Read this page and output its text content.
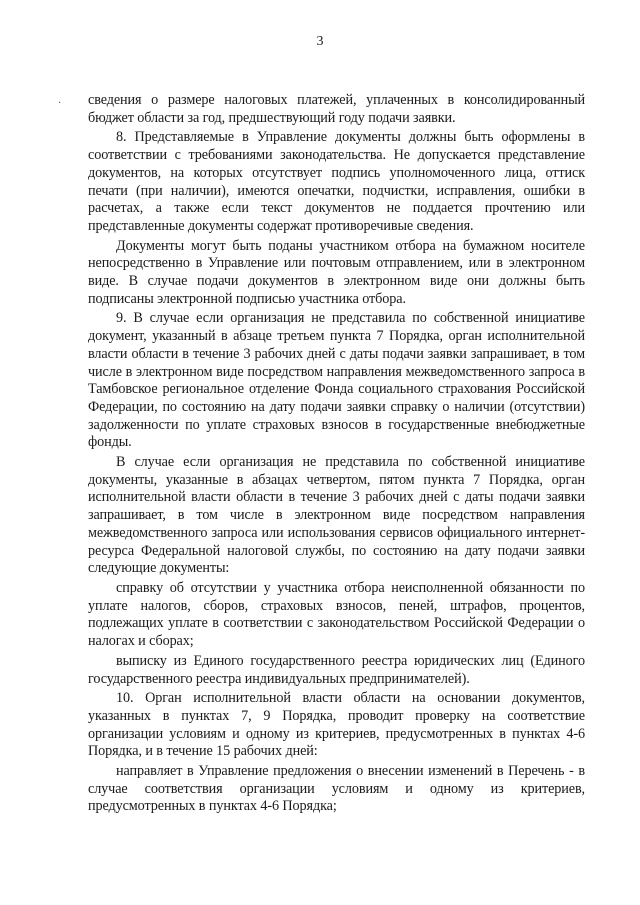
3
· сведения о размере налоговых платежей, уплаченных в консолидированный бюджет области за год, предшествующий году подачи заявки.

8. Представляемые в Управление документы должны быть оформлены в соответствии с требованиями законодательства. Не допускается представление документов, на которых отсутствует подпись уполномоченного лица, оттиск печати (при наличии), имеются опечатки, подчистки, исправления, ошибки в расчетах, а также если текст документов не поддается прочтению или представленные документы содержат противоречивые сведения.

Документы могут быть поданы участником отбора на бумажном носителе непосредственно в Управление или почтовым отправлением, или в электронном виде. В случае подачи документов в электронном виде они должны быть подписаны электронной подписью участника отбора.

9. В случае если организация не представила по собственной инициативе документ, указанный в абзаце третьем пункта 7 Порядка, орган исполнительной власти области в течение 3 рабочих дней с даты подачи заявки запрашивает, в том числе в электронном виде посредством направления межведомственного запроса в Тамбовское региональное отделение Фонда социального страхования Российской Федерации, по состоянию на дату подачи заявки справку о наличии (отсутствии) задолженности по уплате страховых взносов в государственные внебюджетные фонды.

В случае если организация не представила по собственной инициативе документы, указанные в абзацах четвертом, пятом пункта 7 Порядка, орган исполнительной власти области в течение 3 рабочих дней с даты подачи заявки запрашивает, в том числе в электронном виде посредством направления межведомственного запроса или использования сервисов официального интернет-ресурса Федеральной налоговой службы, по состоянию на дату подачи заявки следующие документы:

справку об отсутствии у участника отбора неисполненной обязанности по уплате налогов, сборов, страховых взносов, пеней, штрафов, процентов, подлежащих уплате в соответствии с законодательством Российской Федерации о налогах и сборах;

выписку из Единого государственного реестра юридических лиц (Единого государственного реестра индивидуальных предпринимателей).

10. Орган исполнительной власти области на основании документов, указанных в пунктах 7, 9 Порядка, проводит проверку на соответствие организации условиям и одному из критериев, предусмотренных в пунктах 4-6 Порядка, и в течение 15 рабочих дней:

направляет в Управление предложения о внесении изменений в Перечень - в случае соответствия организации условиям и одному из критериев, предусмотренных в пунктах 4-6 Порядка;
